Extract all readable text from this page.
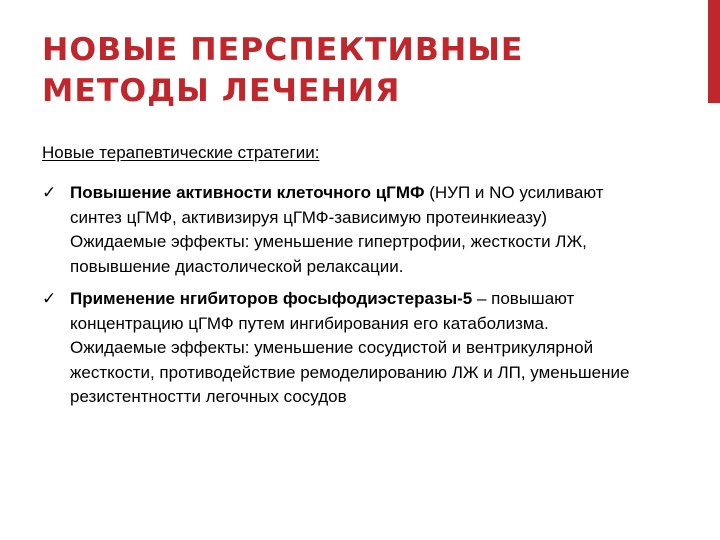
НОВЫЕ ПЕРСПЕКТИВНЫЕ
МЕТОДЫ ЛЕЧЕНИЯ

Новые терапевтические стратегии:

✓ Повышение активности клеточного цГМФ (НУП и NO усиливают синтез цГМФ, активизируя цГМФ-зависимую протеинкиеазу) Ожидаемые эффекты: уменьшение гипертрофии, жесткости ЛЖ, повывшение диастолической релаксации.
✓ Применение нгибиторов фосыфодиэстеразы-5 – повышают концентрацию цГМФ путем ингибирования его катаболизма. Ожидаемые эффекты: уменьшение сосудистой и вентрикулярной жесткости, противодействие ремоделированию ЛЖ и ЛП, уменьшение резистентностти легочных сосудов
